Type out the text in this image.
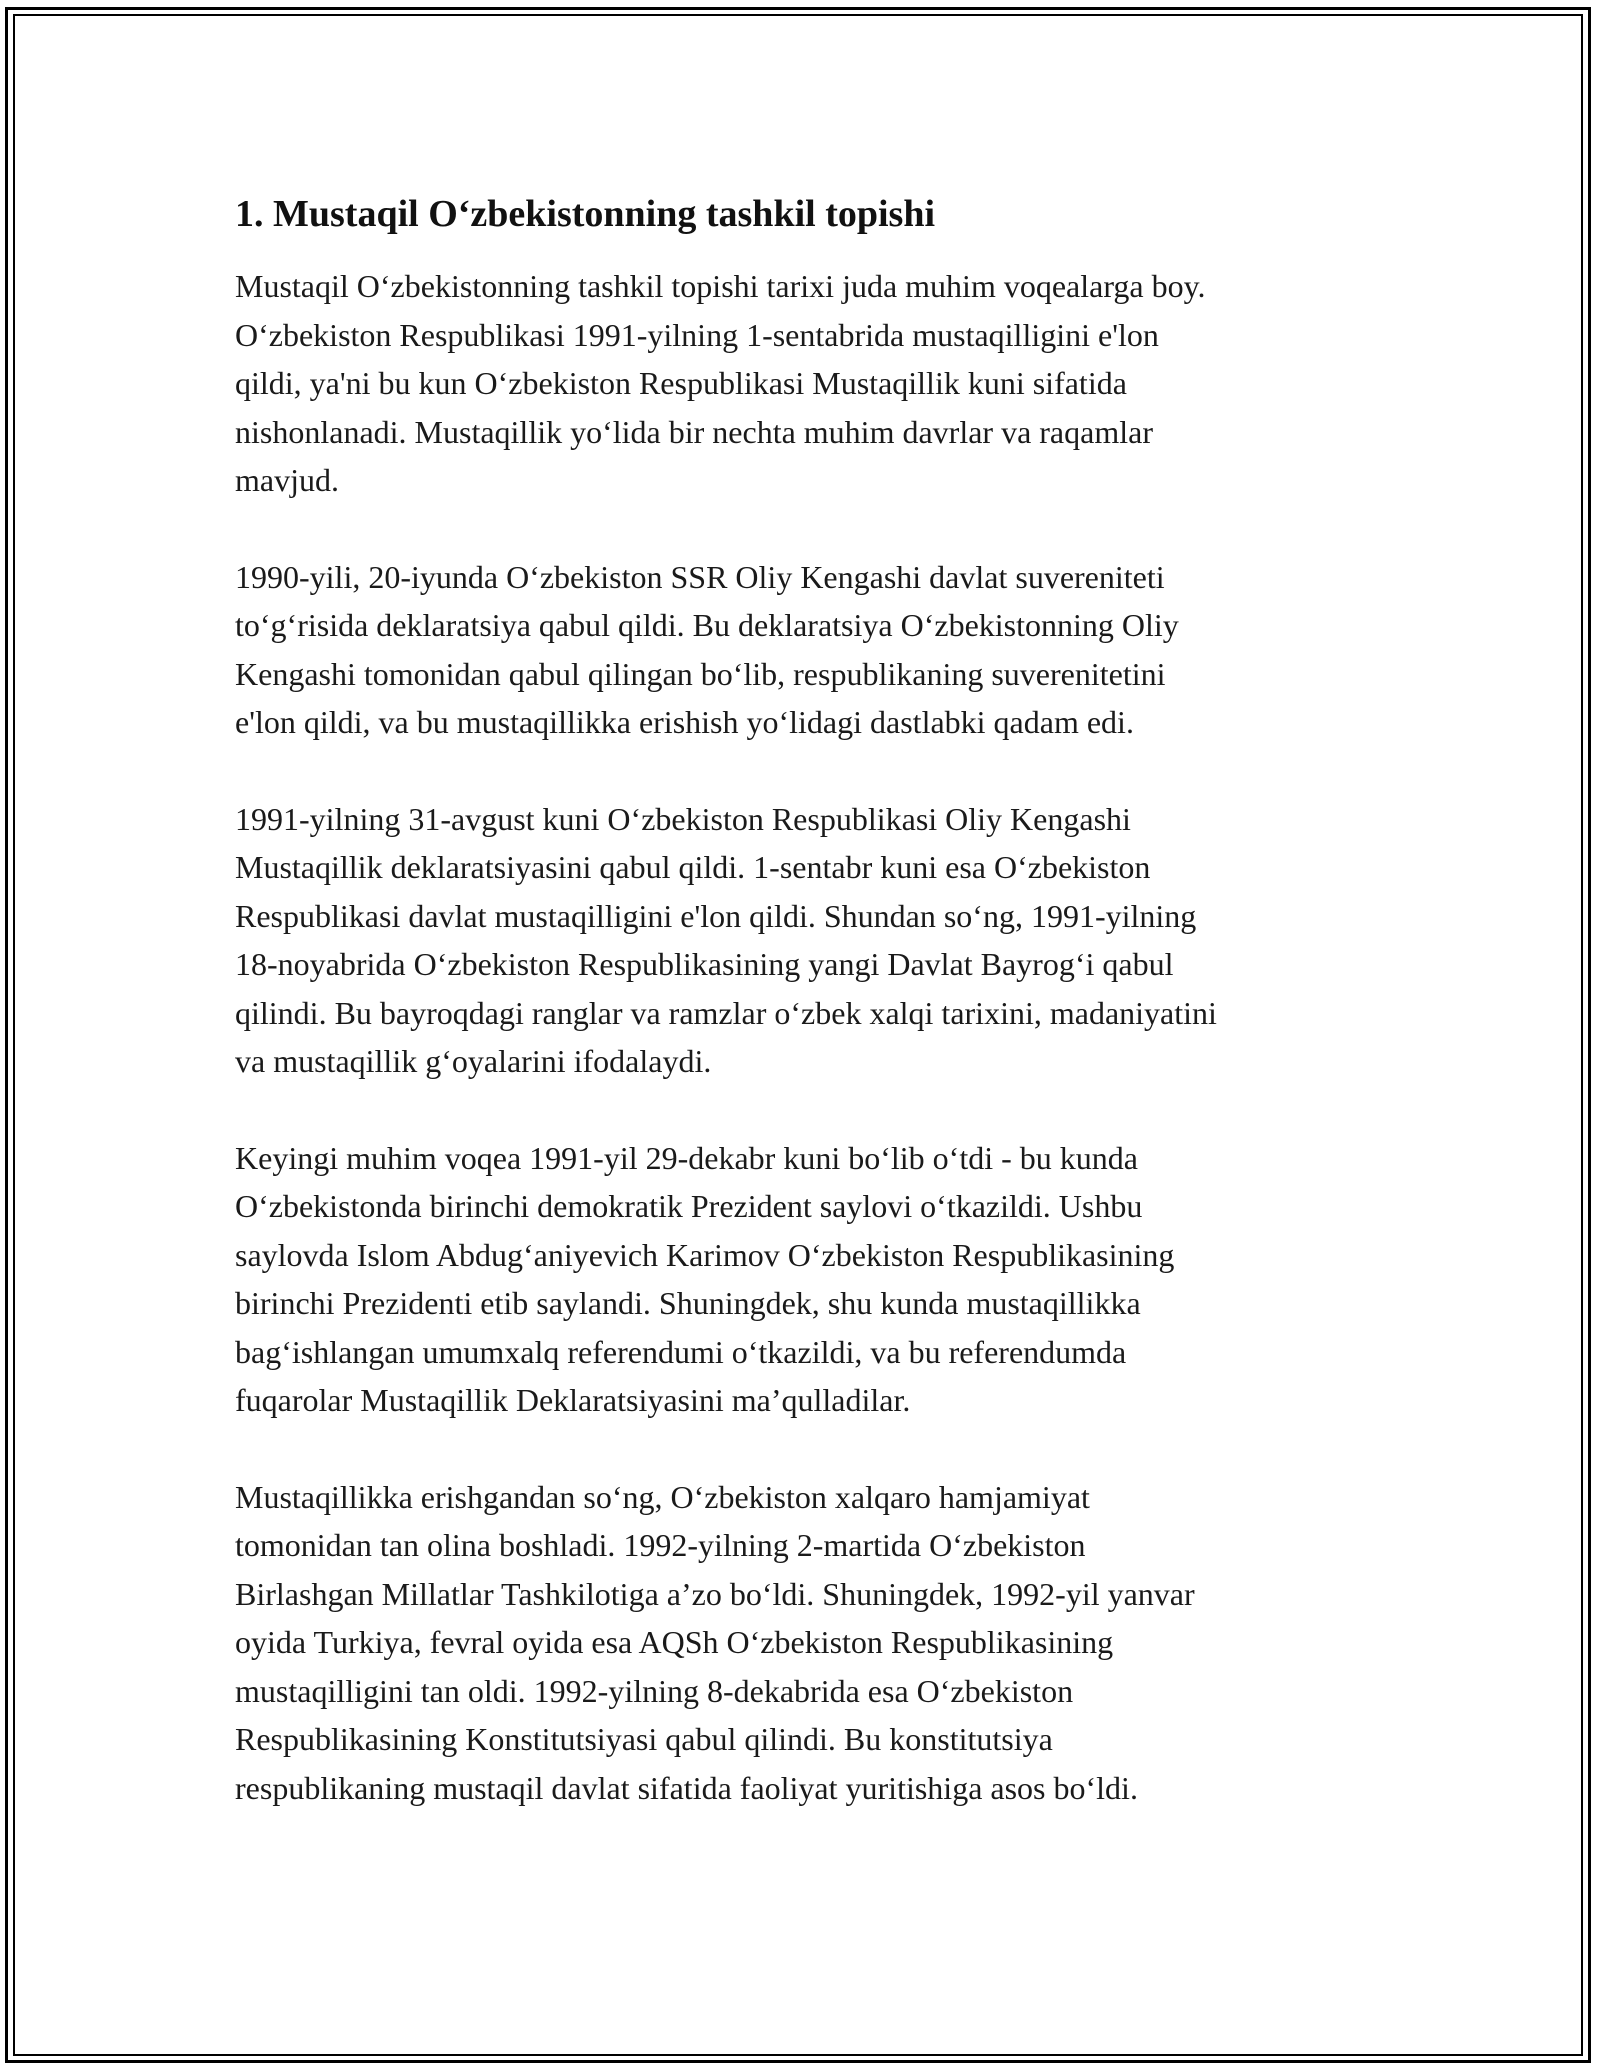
1. Mustaqil O‘zbekistonning tashkil topishi

Mustaqil O‘zbekistonning tashkil topishi tarixi juda muhim voqealarga boy.
O‘zbekiston Respublikasi 1991-yilning 1-sentabrida mustaqilligini e'lon
qildi, ya'ni bu kun O‘zbekiston Respublikasi Mustaqillik kuni sifatida
nishonlanadi. Mustaqillik yo‘lida bir nechta muhim davrlar va raqamlar
mavjud.

1990-yili, 20-iyunda O‘zbekiston SSR Oliy Kengashi davlat suvereniteti
to‘g‘risida deklaratsiya qabul qildi. Bu deklaratsiya O‘zbekistonning Oliy
Kengashi tomonidan qabul qilingan bo‘lib, respublikaning suverenitetini
e'lon qildi, va bu mustaqillikka erishish yo‘lidagi dastlabki qadam edi.

1991-yilning 31-avgust kuni O‘zbekiston Respublikasi Oliy Kengashi
Mustaqillik deklaratsiyasini qabul qildi. 1-sentabr kuni esa O‘zbekiston
Respublikasi davlat mustaqilligini e'lon qildi. Shundan so‘ng, 1991-yilning
18-noyabrida O‘zbekiston Respublikasining yangi Davlat Bayrog‘i qabul
qilindi. Bu bayroqdagi ranglar va ramzlar o‘zbek xalqi tarixini, madaniyatini
va mustaqillik g‘oyalarini ifodalaydi.

Keyingi muhim voqea 1991-yil 29-dekabr kuni bo‘lib o‘tdi - bu kunda
O‘zbekistonda birinchi demokratik Prezident saylovi o‘tkazildi. Ushbu
saylovda Islom Abdug‘aniyevich Karimov O‘zbekiston Respublikasining
birinchi Prezidenti etib saylandi. Shuningdek, shu kunda mustaqillikka
bag‘ishlangan umumxalq referendumi o‘tkazildi, va bu referendumda
fuqarolar Mustaqillik Deklaratsiyasini ma’qulladilar.

Mustaqillikka erishgandan so‘ng, O‘zbekiston xalqaro hamjamiyat
tomonidan tan olina boshladi. 1992-yilning 2-martida O‘zbekiston
Birlashgan Millatlar Tashkilotiga a’zo bo‘ldi. Shuningdek, 1992-yil yanvar
oyida Turkiya, fevral oyida esa AQSh O‘zbekiston Respublikasining
mustaqilligini tan oldi. 1992-yilning 8-dekabrida esa O‘zbekiston
Respublikasining Konstitutsiyasi qabul qilindi. Bu konstitutsiya
respublikaning mustaqil davlat sifatida faoliyat yuritishiga asos bo‘ldi.
